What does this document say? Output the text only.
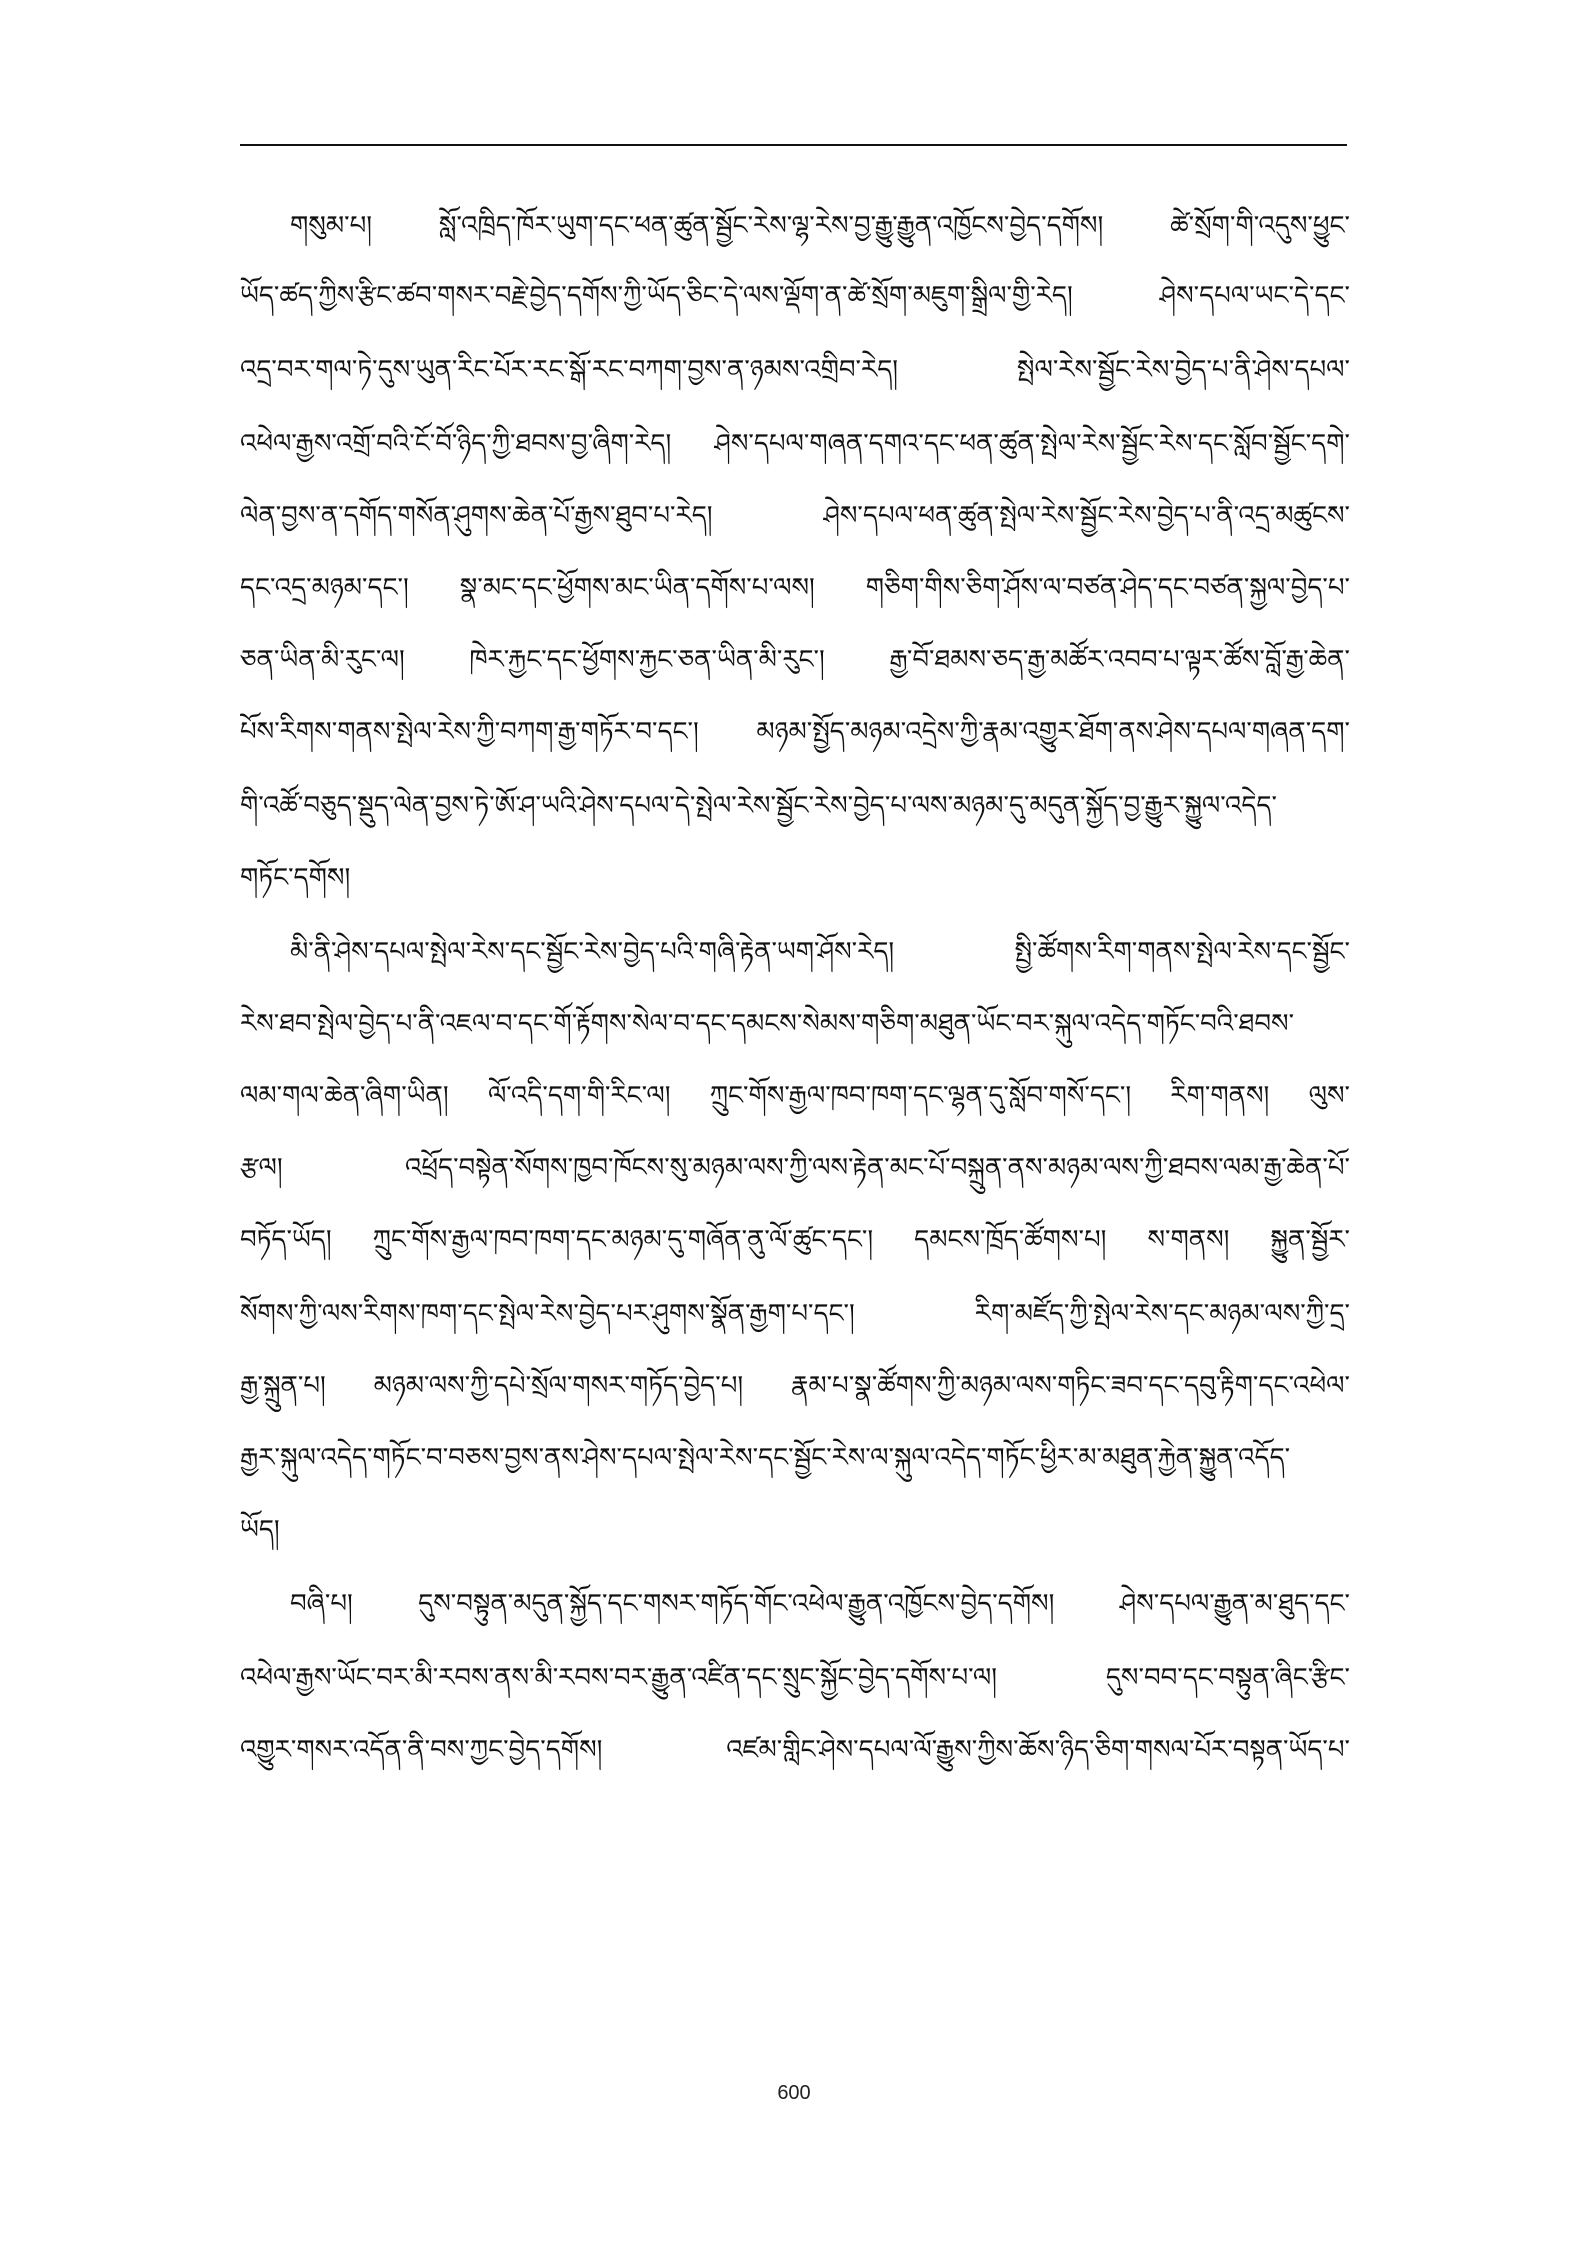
གསུམ་པ། སློ་འཁྲིད་ཁོར་ཡུག་དང་ཕན་ཚུན་སྦྱོང་རེས་ལྷ་རེས་བྱ་རྒྱུ་རྒྱུན་འཁྱོངས་བྱེད་དགོས། ཚེ་སྲོག་གི་འདུས་ཕྱུང་
ཡོད་ཚད་ཀྱིས་རྩིང་ཚབ་གསར་བརྗེ་བྱེད་དགོས་ཀྱི་ཡོད་ཅིང་དེ་ལས་ལྡོག་ན་ཚེ་སྲོག་མཇུག་སྒྲིལ་གྱི་རེད། ཤེས་དཔལ་ཡང་དེ་དང་
འདྲ་བར་གལ་ཏེ་དུས་ཡུན་རིང་པོར་རང་སྒོ་རང་བཀག་བྱས་ན་ཉམས་འགྲིབ་རེད། སྤེལ་རེས་སྦྱོང་རེས་བྱེད་པ་ནི་ཤེས་དཔལ་
འཕེལ་རྒྱས་འགྲོ་བའི་ངོ་བོ་ཉིད་ཀྱི་ཐབས་བྱ་ཞིག་རེད། ཤེས་དཔལ་གཞན་དགའ་དང་ཕན་ཚུན་སྤེལ་རེས་སྦྱོང་རེས་དང་སློབ་སྦྱོང་དགེ་
ལེན་བྱས་ན་དགོད་གསོན་ཤུགས་ཆེན་པོ་རྒྱས་ཐུབ་པ་རེད། ཤེས་དཔལ་ཕན་ཚུན་སྤེལ་རེས་སྦྱོང་རེས་བྱེད་པ་ནི་འདྲ་མཚུངས་
དང་འདྲ་མཉམ་དང་། སྣ་མང་དང་ཕྱོགས་མང་ཡིན་དགོས་པ་ལས། གཅིག་གིས་ཅིག་ཤོས་ལ་བཙན་ཤེད་དང་བཙན་སྐྱལ་བྱེད་པ་
ཅན་ཡིན་མི་རུང་ལ། ཁེར་རྐྱང་དང་ཕྱོགས་རྐྱང་ཅན་ཡིན་མི་རུང་། རྒྱ་བོ་ཐམས་ཅད་རྒྱ་མཚོར་འབབ་པ་ལྟར་ཚོས་བློ་རྒྱ་ཆེན་
པོས་རིགས་གནས་སྤེལ་རེས་ཀྱི་བཀག་རྒྱ་གཏོར་བ་དང་། མཉམ་སྤྱོད་མཉམ་འདྲེས་ཀྱི་རྣམ་འགྱུར་ཐོག་ནས་ཤེས་དཔལ་གཞན་དག་
གི་འཚོ་བཅུད་སྡུད་ལེན་བྱས་ཏེ་ཨོ་ཤ་ཡའི་ཤེས་དཔལ་དེ་སྤེལ་རེས་སྦྱོང་རེས་བྱེད་པ་ལས་མཉམ་དུ་མདུན་སྐྱོད་བྱ་རྒྱུར་སྐྱུལ་འདེད་
གཏོང་དགོས།
མི་ནི་ཤེས་དཔལ་སྤེལ་རེས་དང་སྦྱོང་རེས་བྱེད་པའི་གཞི་རྟེན་ཡག་ཤོས་རེད། སྤྱི་ཚོགས་རིག་གནས་སྤེལ་རེས་དང་སྦྱོང་
རེས་ཐབ་སྤེལ་བྱེད་པ་ནི་འཇལ་བ་དང་གོ་རྟོགས་སེལ་བ་དང་དམངས་སེམས་གཅིག་མཐུན་ཡོང་བར་སྐུལ་འདེད་གཏོང་བའི་ཐབས་
ལམ་གལ་ཆེན་ཞིག་ཡིན། ལོ་འདི་དག་གི་རིང་ལ། ཀྲུང་གོས་རྒྱལ་ཁབ་ཁག་དང་ལྷན་དུ་སློབ་གསོ་དང་། རིག་གནས། ལུས་
རྩལ། འཕྲོད་བསྟེན་སོགས་ཁྱབ་ཁོངས་སུ་མཉམ་ལས་ཀྱི་ལས་རྟེན་མང་པོ་བསྐྲུན་ནས་མཉམ་ལས་ཀྱི་ཐབས་ལམ་རྒྱ་ཆེན་པོ་
བཏོད་ཡོད། ཀྲུང་གོས་རྒྱལ་ཁབ་ཁག་དང་མཉམ་དུ་གཞོན་ནུ་ལོ་ཚུང་དང་། དམངས་ཁྲོད་ཚོགས་པ། ས་གནས། སྐྱུན་སྦྱོར་
སོགས་ཀྱི་ལས་རིགས་ཁག་དང་སྤེལ་རེས་བྱེད་པར་ཤུགས་སྣོན་རྒྱག་པ་དང་། རིག་མཛོད་ཀྱི་སྤེལ་རེས་དང་མཉམ་ལས་ཀྱི་དྲ་
རྒྱ་སྐྲུན་པ། མཉམ་ལས་ཀྱི་དཔེ་སྲོལ་གསར་གཏོད་བྱེད་པ། རྣམ་པ་སྣ་ཚོགས་ཀྱི་མཉམ་ལས་གཏིང་ཟབ་དང་དབུ་རྟིག་དང་འཕེལ་
རྒྱར་སྐུལ་འདེད་གཏོང་བ་བཅས་བྱས་ནས་ཤེས་དཔལ་སྤེལ་རེས་དང་སྦྱོང་རེས་ལ་སྐུལ་འདེད་གཏོང་ཕྱིར་མ་མཐུན་རྐྱེན་སྐྱུན་འདོད་
ཡོད།
བཞི་པ། དུས་བསྟུན་མདུན་སྐྱོད་དང་གསར་གཏོད་གོང་འཕེལ་རྒྱུན་འཁྱོངས་བྱེད་དགོས། ཤེས་དཔལ་རྒྱུན་མ་ཐུད་དང་
འཕེལ་རྒྱས་ཡོང་བར་མི་རབས་ནས་མི་རབས་བར་རྒྱུན་འཛིན་དང་སྲུང་སྐྱོང་བྱེད་དགོས་པ་ལ། དུས་བབ་དང་བསྟུན་ཞིང་རྩིང་
འགྱུར་གསར་འདོན་ནི་བས་ཀྱང་བྱེད་དགོས། འཛམ་གླིང་ཤེས་དཔལ་ལོ་རྒྱུས་ཀྱིས་ཆོས་ཉིད་ཅིག་གསལ་པོར་བསྟན་ཡོད་པ་
600
